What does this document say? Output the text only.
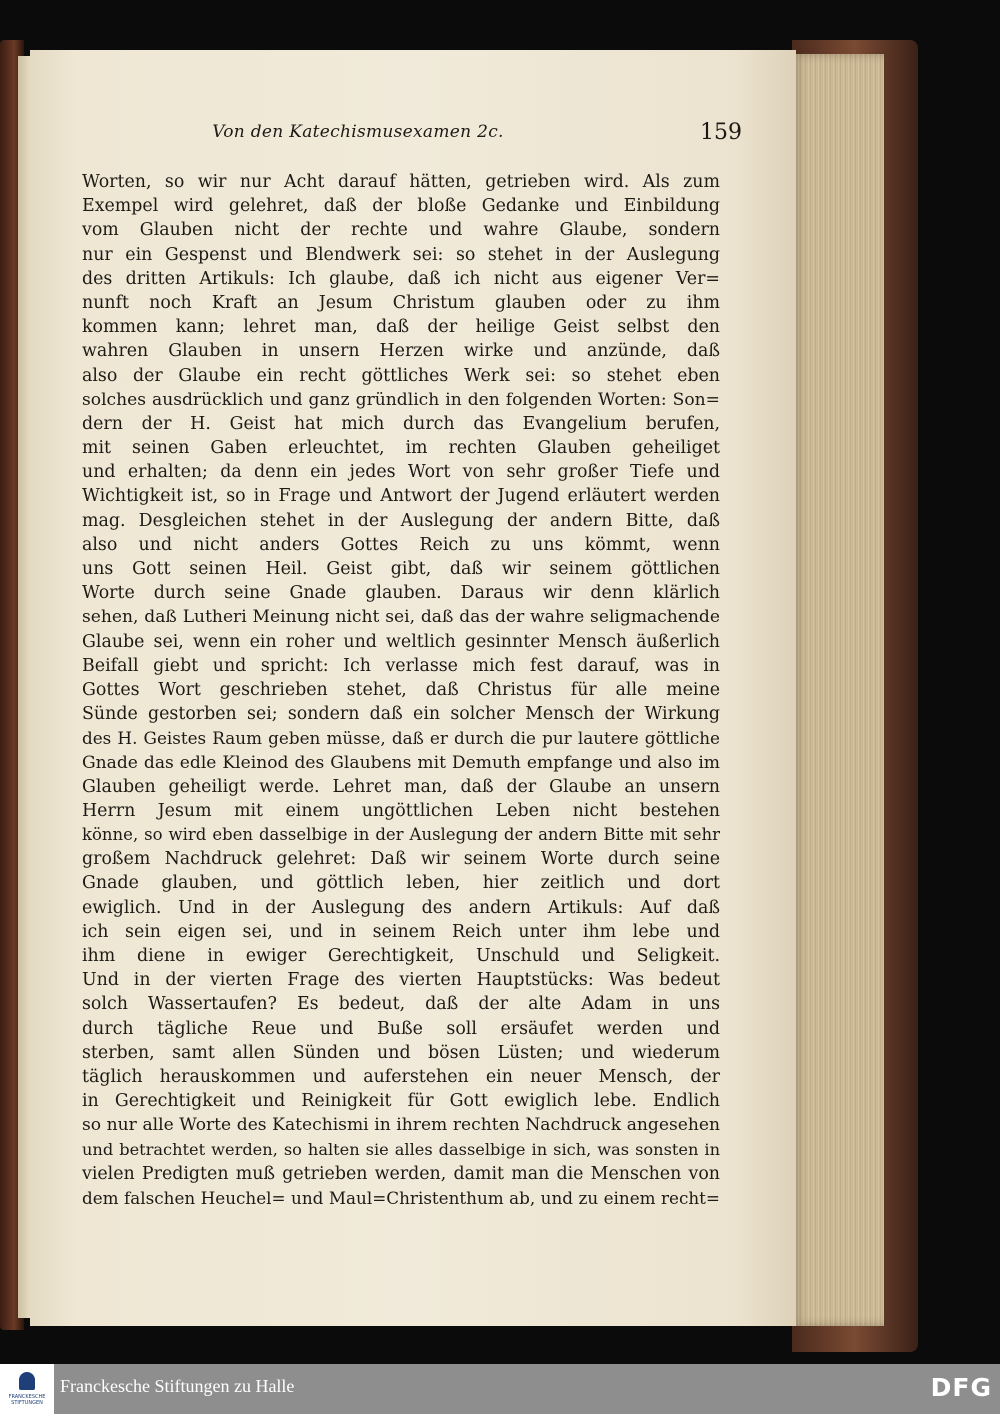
Von den Katechismusexamen 2c.	159
Worten, so wir nur Acht darauf hätten, getrieben wird. Als zum
Exempel wird gelehret, daß der bloße Gedanke und Einbildung
vom Glauben nicht der rechte und wahre Glaube, sondern
nur ein Gespenst und Blendwerk sei: so stehet in der Auslegung
des dritten Artikuls: Ich glaube, daß ich nicht aus eigener Ver=
nunft noch Kraft an Jesum Christum glauben oder zu ihm
kommen kann; lehret man, daß der heilige Geist selbst den
wahren Glauben in unsern Herzen wirke und anzünde, daß
also der Glaube ein recht göttliches Werk sei: so stehet eben
solches ausdrücklich und ganz gründlich in den folgenden Worten: Son=
dern der H. Geist hat mich durch das Evangelium berufen,
mit seinen Gaben erleuchtet, im rechten Glauben geheiliget
und erhalten; da denn ein jedes Wort von sehr großer Tiefe und
Wichtigkeit ist, so in Frage und Antwort der Jugend erläutert werden
mag. Desgleichen stehet in der Auslegung der andern Bitte, daß
also und nicht anders Gottes Reich zu uns kömmt, wenn
uns Gott seinen Heil. Geist gibt, daß wir seinem göttlichen
Worte durch seine Gnade glauben. Daraus wir denn klärlich
sehen, daß Lutheri Meinung nicht sei, daß das der wahre seligmachende
Glaube sei, wenn ein roher und weltlich gesinnter Mensch äußerlich
Beifall giebt und spricht: Ich verlasse mich fest darauf, was in
Gottes Wort geschrieben stehet, daß Christus für alle meine
Sünde gestorben sei; sondern daß ein solcher Mensch der Wirkung
des H. Geistes Raum geben müsse, daß er durch die pur lautere göttliche
Gnade das edle Kleinod des Glaubens mit Demuth empfange und also im
Glauben geheiligt werde. Lehret man, daß der Glaube an unsern
Herrn Jesum mit einem ungöttlichen Leben nicht bestehen
könne, so wird eben dasselbige in der Auslegung der andern Bitte mit sehr
großem Nachdruck gelehret: Daß wir seinem Worte durch seine
Gnade glauben, und göttlich leben, hier zeitlich und dort
ewiglich. Und in der Auslegung des andern Artikuls: Auf daß
ich sein eigen sei, und in seinem Reich unter ihm lebe und
ihm diene in ewiger Gerechtigkeit, Unschuld und Seligkeit.
Und in der vierten Frage des vierten Hauptstücks: Was bedeut
solch Wassertaufen? Es bedeut, daß der alte Adam in uns
durch tägliche Reue und Buße soll ersäufet werden und
sterben, samt allen Sünden und bösen Lüsten; und wiederum
täglich herauskommen und auferstehen ein neuer Mensch, der
in Gerechtigkeit und Reinigkeit für Gott ewiglich lebe. Endlich
so nur alle Worte des Katechismi in ihrem rechten Nachdruck angesehen
und betrachtet werden, so halten sie alles dasselbige in sich, was sonsten in
vielen Predigten muß getrieben werden, damit man die Menschen von
dem falschen Heuchel= und Maul=Christenthum ab, und zu einem recht=
FRANCKESCHE STIFTUNGEN
Franckesche Stiftungen zu Halle	DFG
